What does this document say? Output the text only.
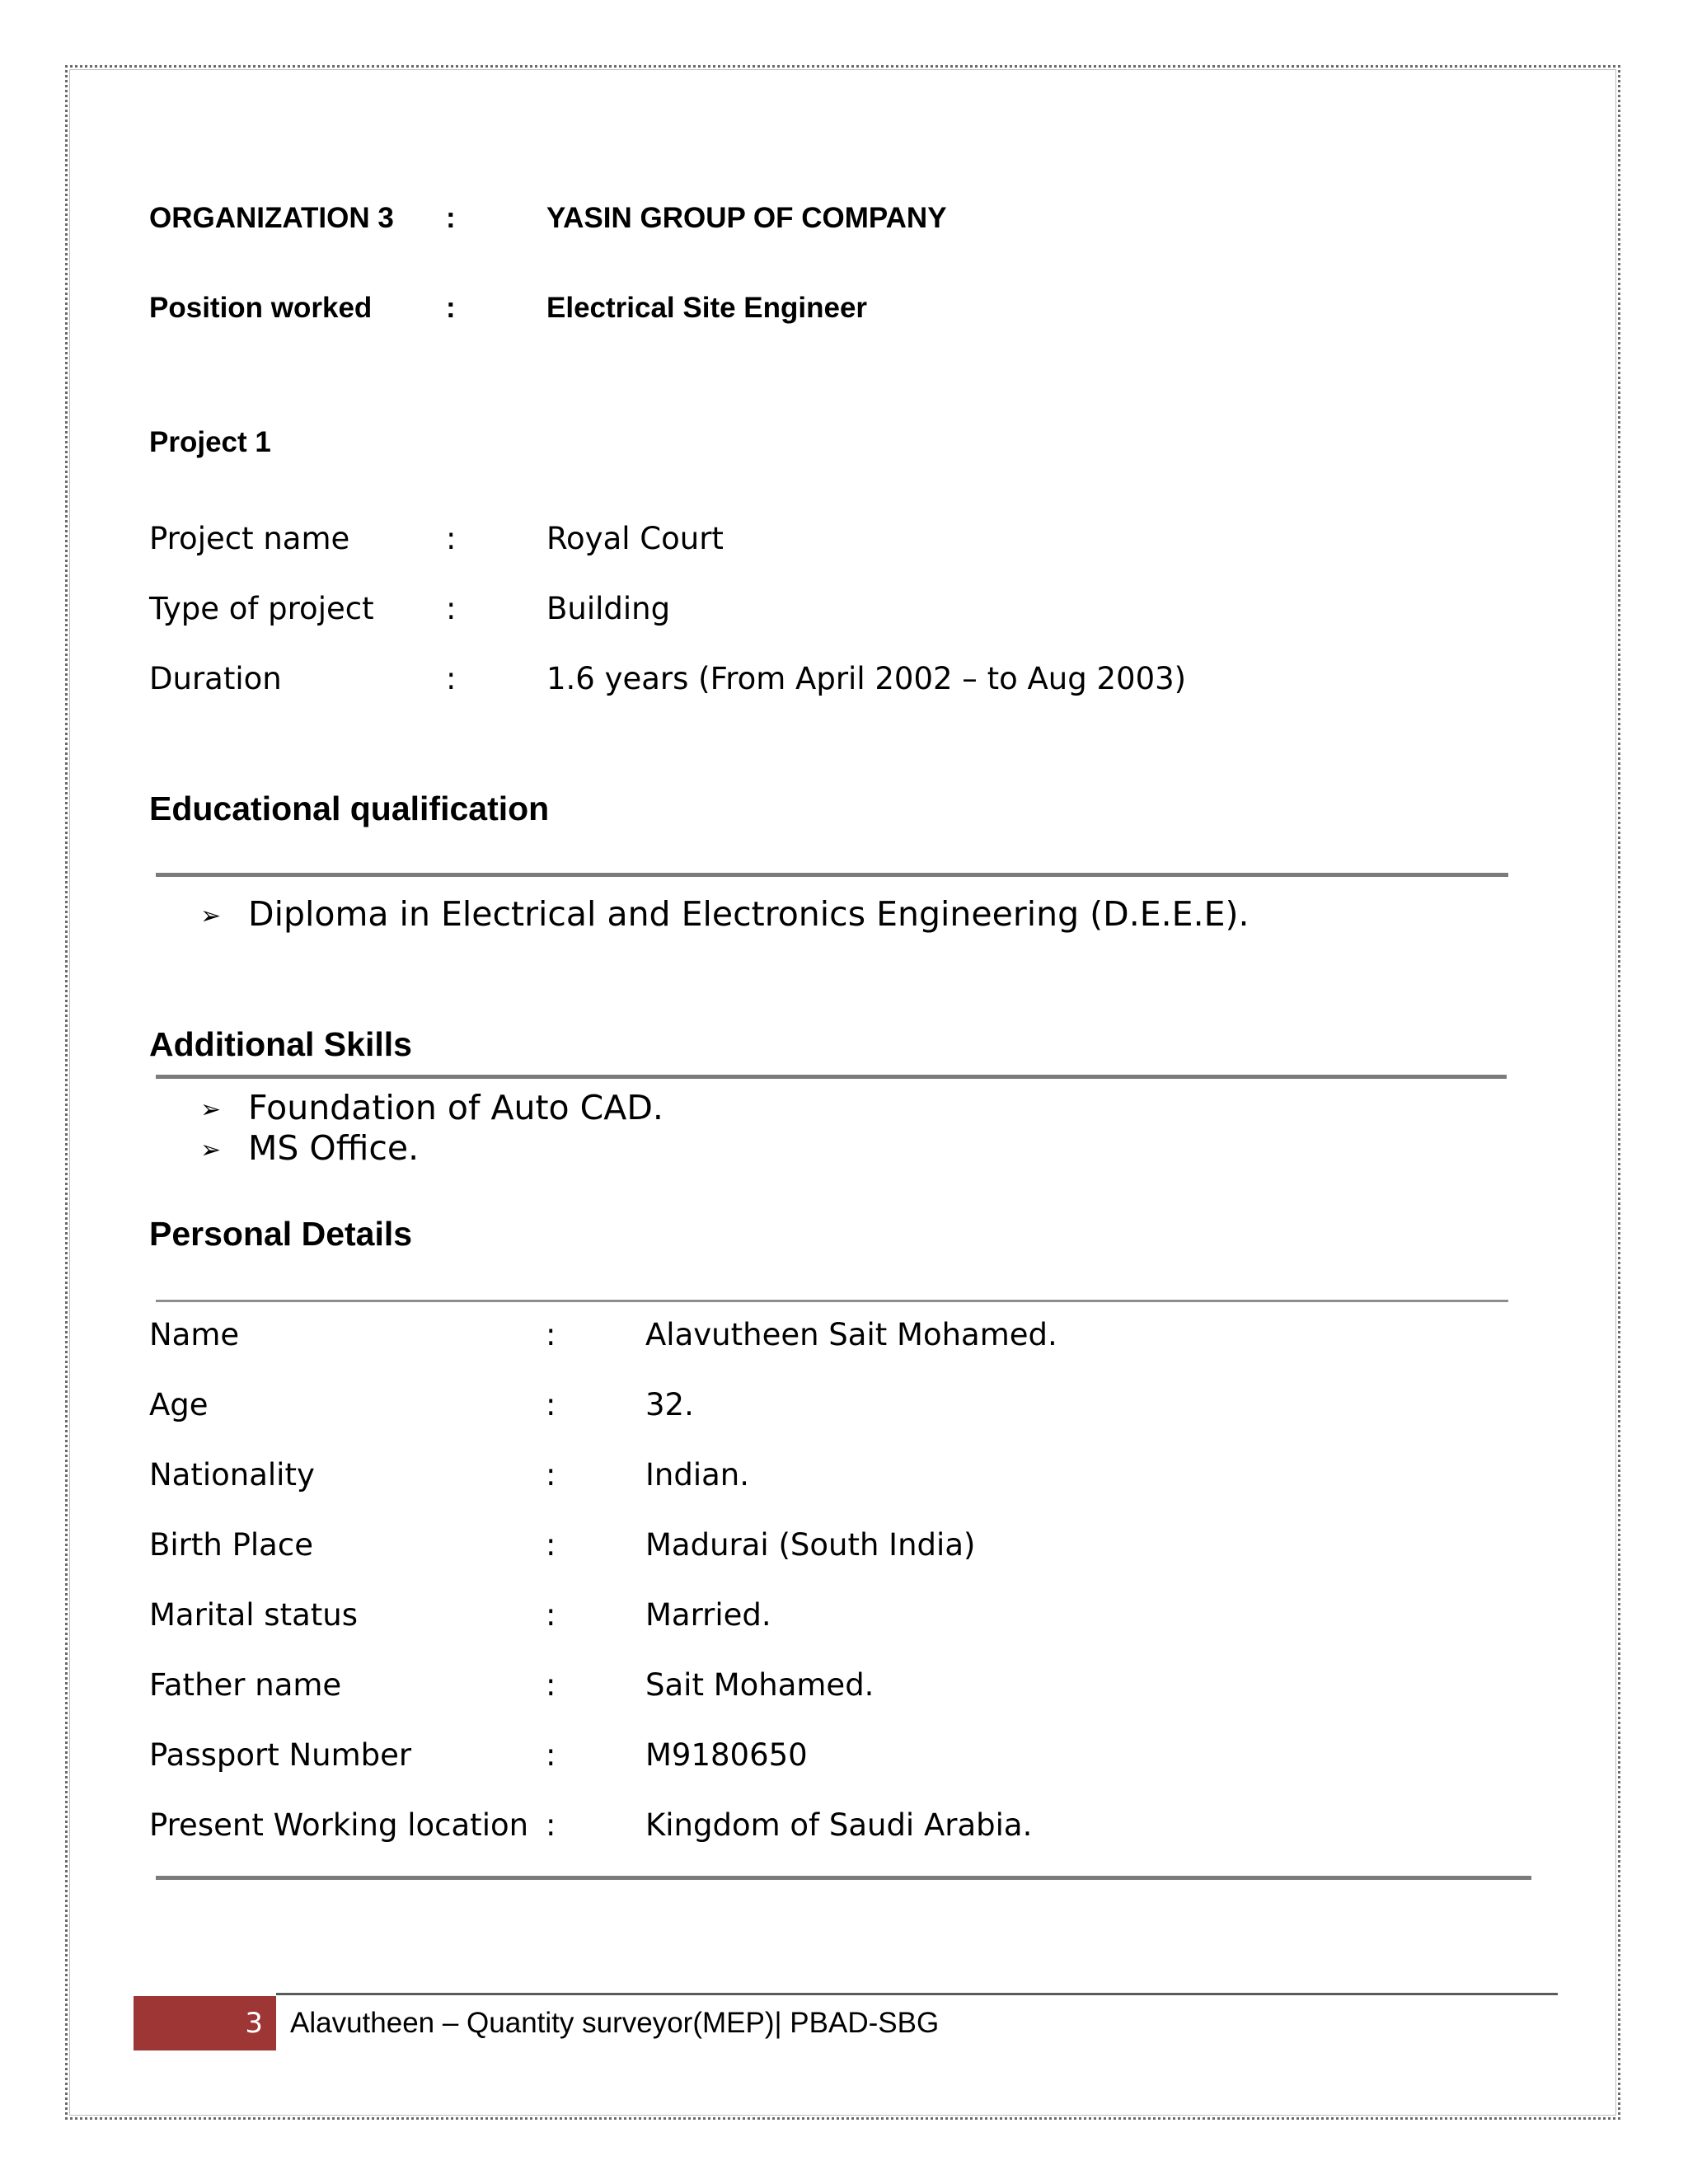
ORGANIZATION 3 :	YASIN GROUP OF COMPANY
Position worked	:	Electrical Site Engineer
Project 1
Project name	:	Royal Court
Type of project :	Building
Duration	:	1.6 years (From April 2002 – to Aug 2003)
Educational qualification
➢ Diploma in Electrical and Electronics Engineering (D.E.E.E).
Additional Skills
➢ Foundation of Auto CAD.
➢ MS Office.
Personal Details
Name	:	Alavutheen Sait Mohamed.
Age	:	32.
Nationality	:	Indian.
Birth Place	:	Madurai (South India)
Marital status	:	Married.
Father name	:	Sait Mohamed.
Passport Number	:	M9180650
Present Working location :	Kingdom of Saudi Arabia.
3 Alavutheen – Quantity surveyor(MEP)| PBAD-SBG
